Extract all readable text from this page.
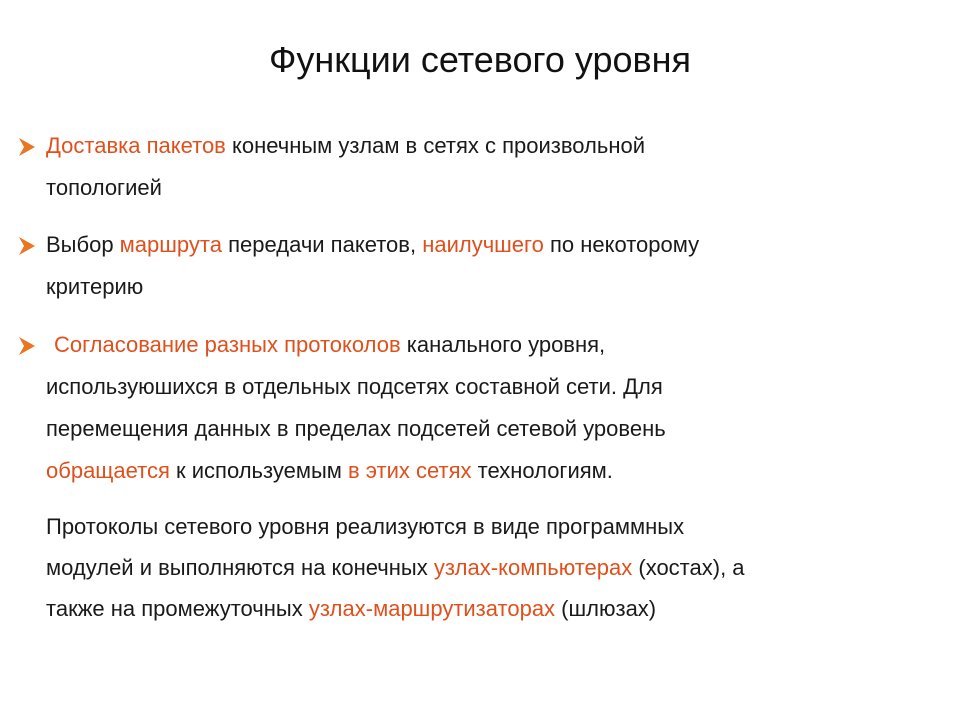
Функции сетевого уровня
Доставка пакетов конечным узлам в сетях с произвольной
топологией
Выбор маршрута передачи пакетов, наилучшего по некоторому
критерию
Согласование разных протоколов канального уровня,
используюшихся в отдельных подсетях составной сети. Для
перемещения данных в пределах подсетей сетевой уровень
обращается к используемым в этих сетях технологиям.
Протоколы сетевого уровня реализуются в виде программных
модулей и выполняются на конечных узлах-компьютерах (хостах), а
также на промежуточных узлах-маршрутизаторах (шлюзах)
